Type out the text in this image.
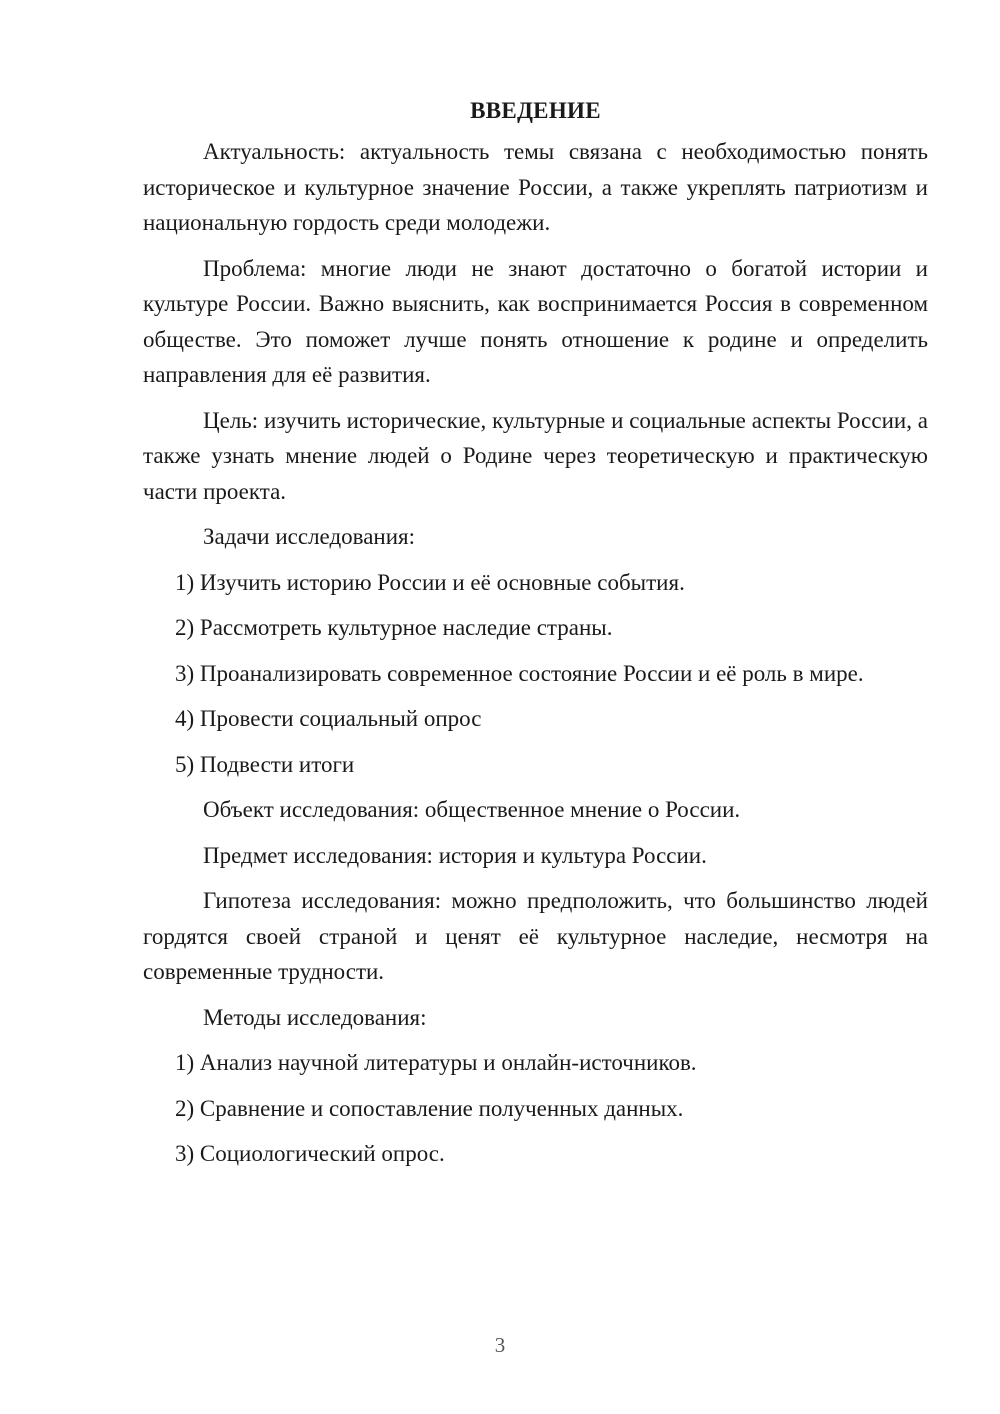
ВВЕДЕНИЕ

Актуальность: актуальность темы связана с необходимостью понять историческое и культурное значение России, а также укреплять патриотизм и национальную гордость среди молодежи.

Проблема: многие люди не знают достаточно о богатой истории и культуре России. Важно выяснить, как воспринимается Россия в современном обществе. Это поможет лучше понять отношение к родине и определить направления для её развития.

Цель: изучить исторические, культурные и социальные аспекты России, а также узнать мнение людей о Родине через теоретическую и практическую части проекта.

Задачи исследования:
1) Изучить историю России и её основные события.
2) Рассмотреть культурное наследие страны.
3) Проанализировать современное состояние России и её роль в мире.
4) Провести социальный опрос
5) Подвести итоги
Объект исследования: общественное мнение о России.
Предмет исследования: история и культура России.

Гипотеза исследования: можно предположить, что большинство людей гордятся своей страной и ценят её культурное наследие, несмотря на современные трудности.

Методы исследования:
1) Анализ научной литературы и онлайн-источников.
2) Сравнение и сопоставление полученных данных.
3) Социологический опрос.
3
